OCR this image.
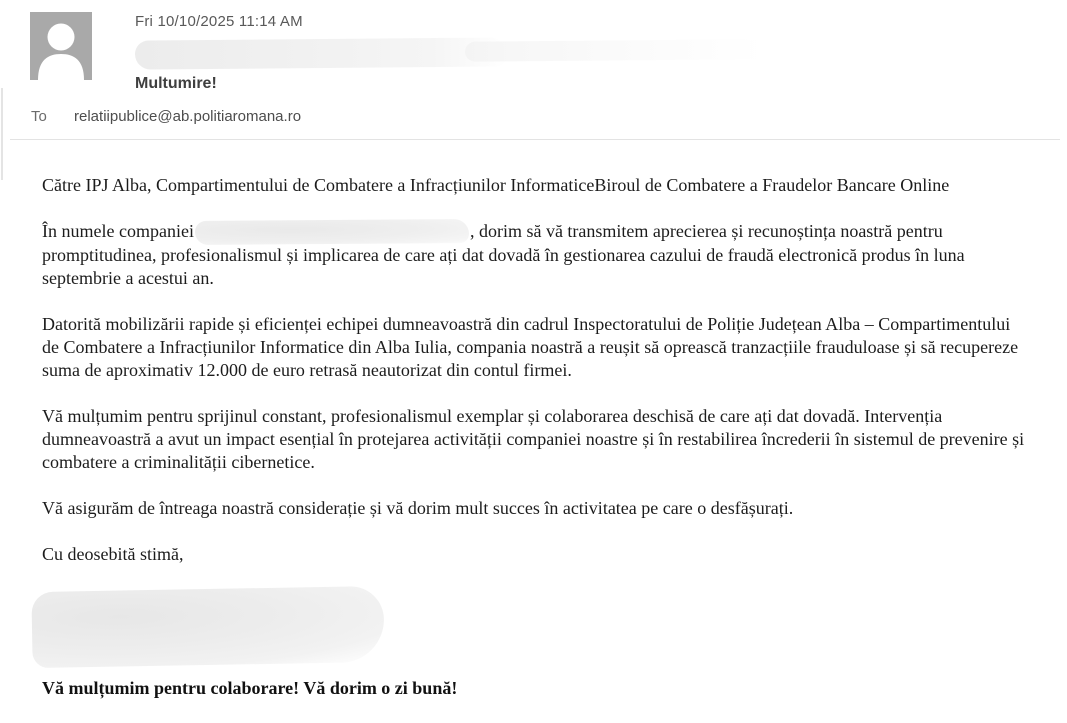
Fri 10/10/2025 11:14 AM
Multumire!
To relatiipublice@ab.politiaromana.ro

Către IPJ Alba, Compartimentului de Combatere a Infracțiunilor InformaticeBiroul de Combatere a Fraudelor Bancare Online

În numele companiei	, dorim să vă transmitem aprecierea și recunoștința noastră pentru promptitudinea, profesionalismul și implicarea de care ați dat dovadă în gestionarea cazului de fraudă electronică produs în luna septembrie a acestui an.

Datorită mobilizării rapide și eficienței echipei dumneavoastră din cadrul Inspectoratului de Poliție Județean Alba – Compartimentului de Combatere a Infracțiunilor Informatice din Alba Iulia, compania noastră a reușit să oprească tranzacțiile frauduloase și să recupereze suma de aproximativ 12.000 de euro retrasă neautorizat din contul firmei.

Vă mulțumim pentru sprijinul constant, profesionalismul exemplar și colaborarea deschisă de care ați dat dovadă. Intervenția dumneavoastră a avut un impact esențial în protejarea activității companiei noastre și în restabilirea încrederii în sistemul de prevenire și combatere a criminalității cibernetice.

Vă asigurăm de întreaga noastră considerație și vă dorim mult succes în activitatea pe care o desfășurați.

Cu deosebită stimă,

Vă mulțumim pentru colaborare! Vă dorim o zi bună!
